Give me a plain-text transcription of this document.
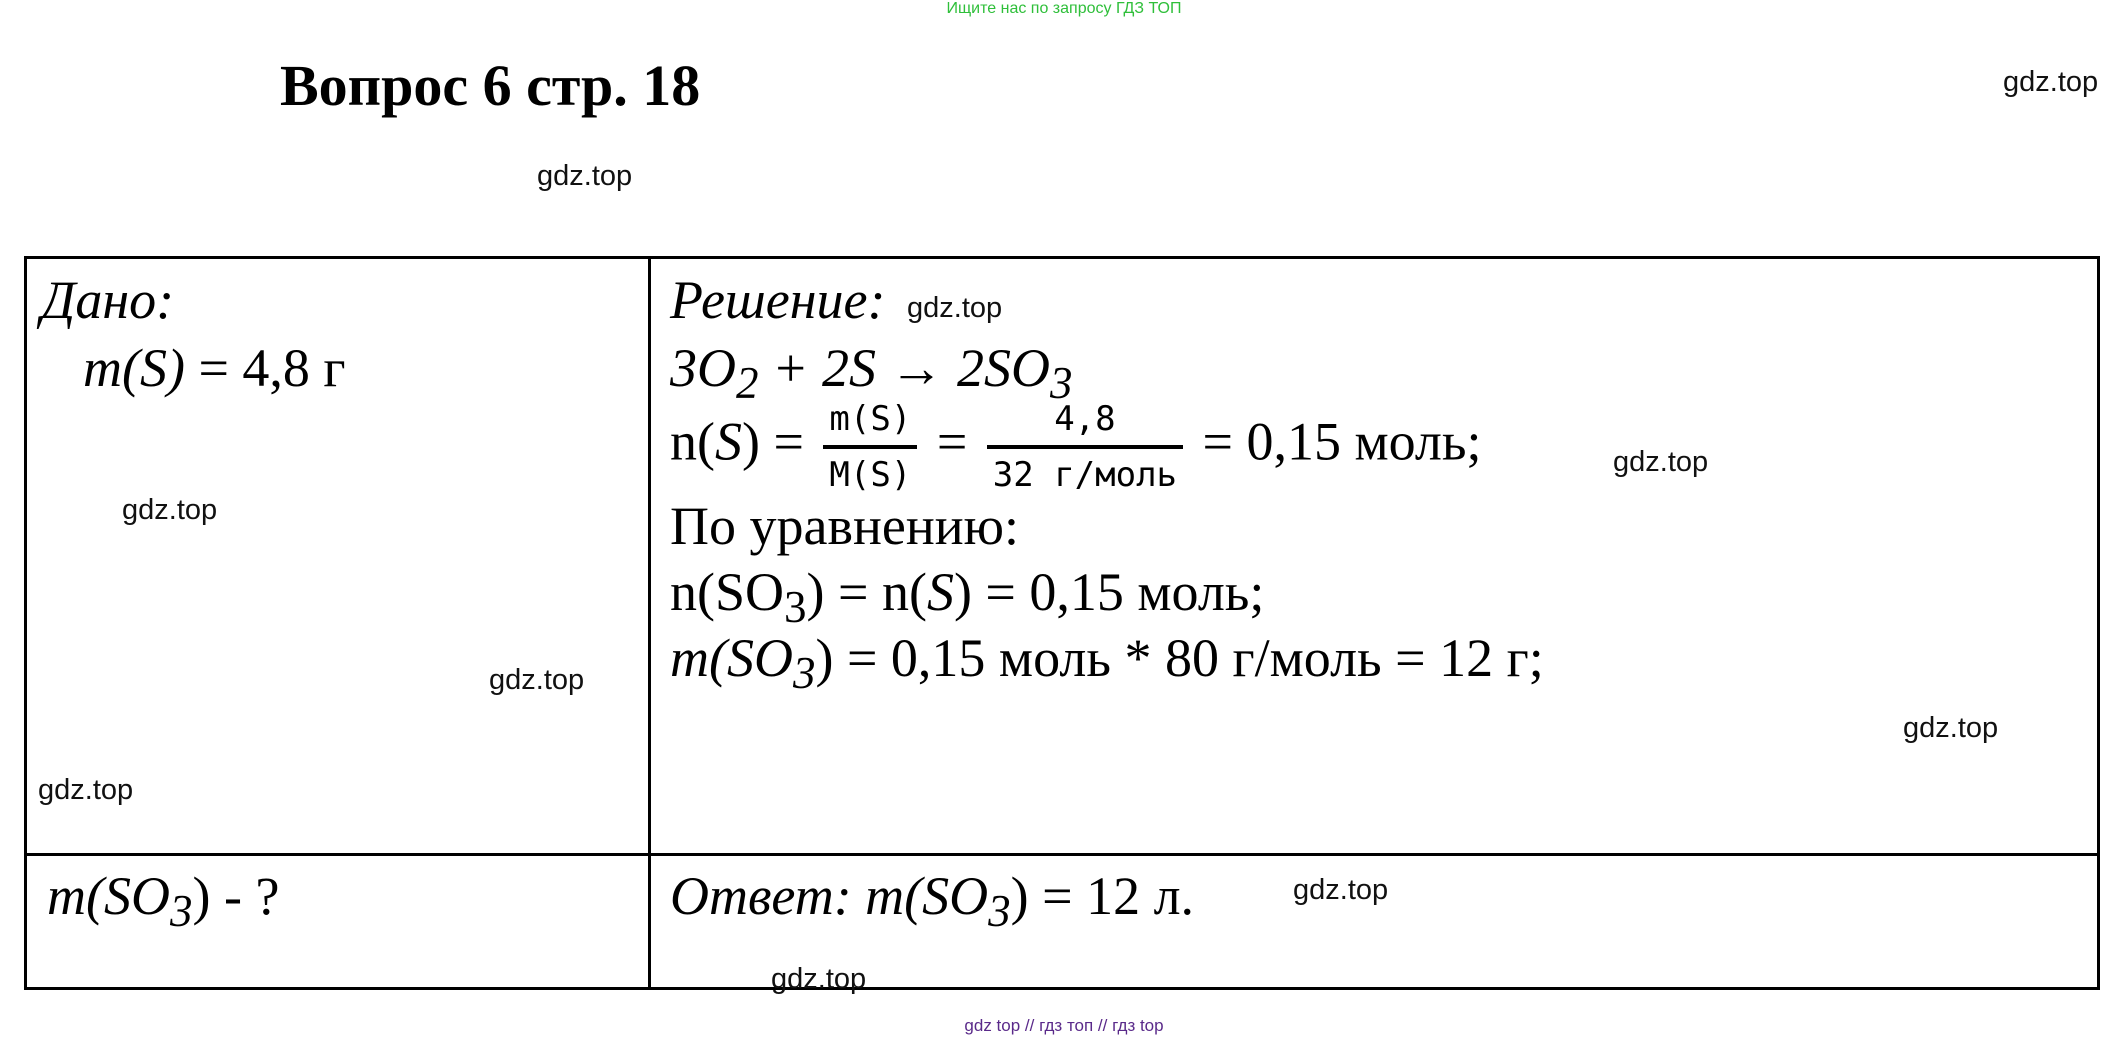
Ищите нас по запросу ГДЗ ТОП
Вопрос 6 стр. 18	gdz.top
gdz.top
Дано:
m(S) = 4,8 г
Решение:
$3O_2 + 2S \to 2SO_3$
$n(S) = \frac{m(S)}{M(S)} = \frac{4,8}{\text{32 г/моль}} = 0,15$ моль;
По уравнению:
$n(SO_3) = n(S) = 0,15$ моль;
$m(SO_3) = 0,15$ моль * 80 г/моль = 12 г;
$m(SO_3)$ - ?	Ответ: $m(SO_3) = 12$ л.
gdz.top
gdz.top
gdz.top
gdz.top
gdz.top
gdz.top
gdz.top
gdz.top
gdz top // гдз топ // гдз top
